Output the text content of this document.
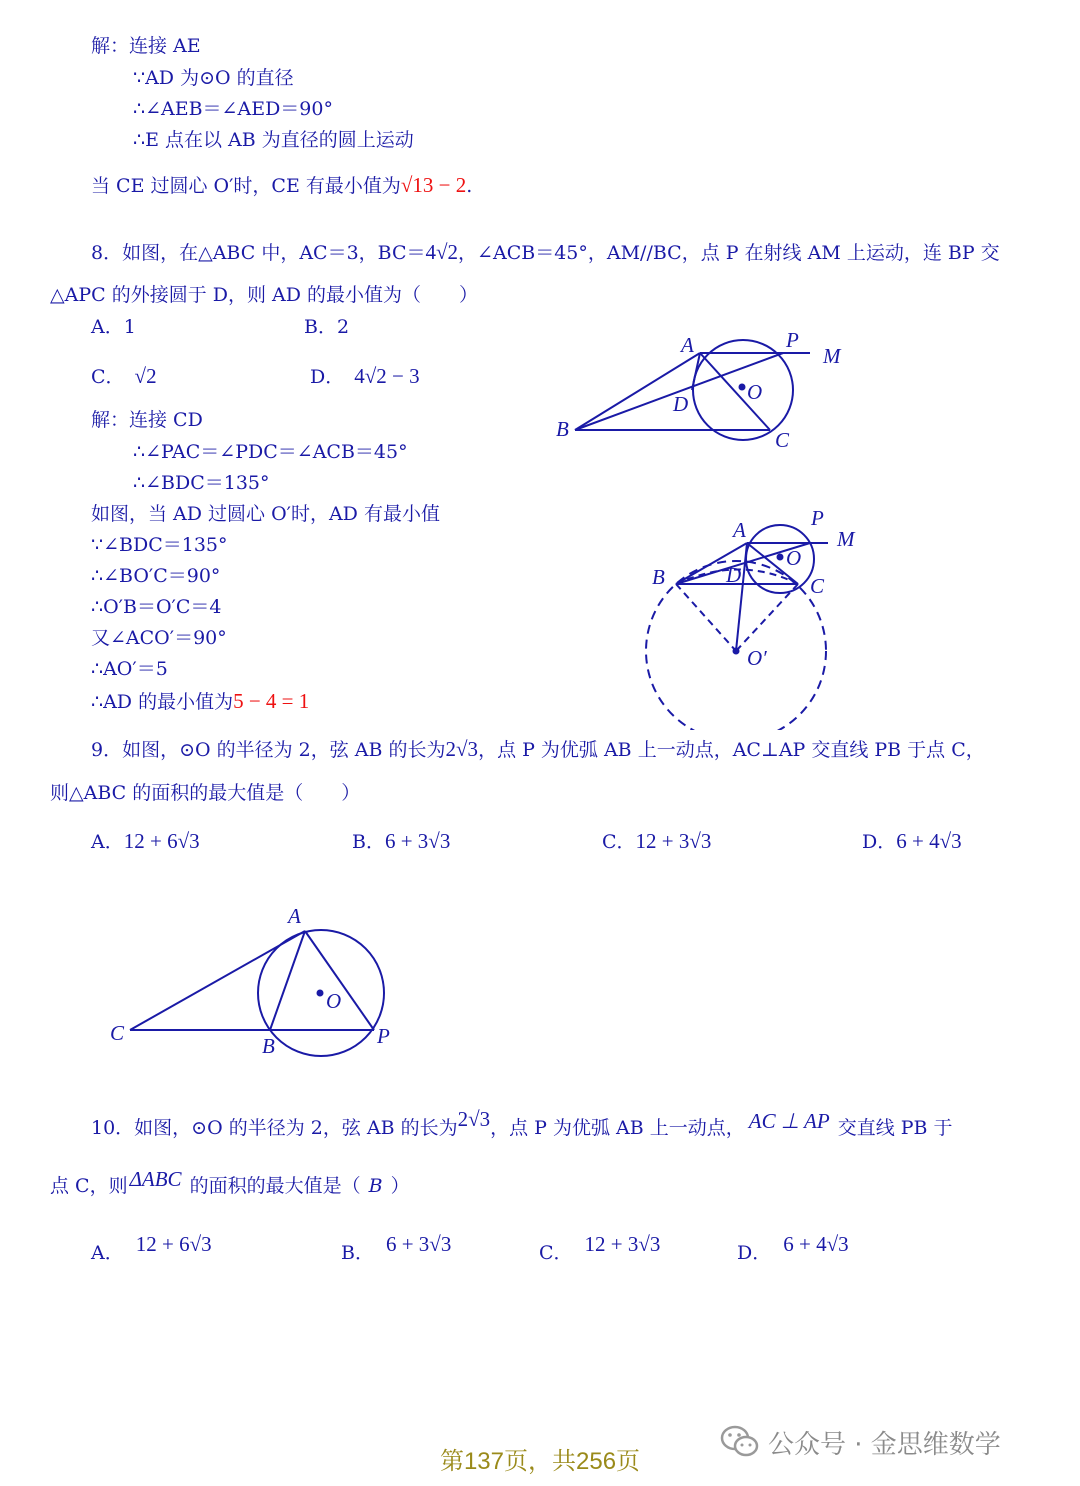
解：连接 AE
∵AD 为⊙O 的直径
∴∠AEB＝∠AED＝90°
∴E 点在以 AB 为直径的圆上运动
当 CE 过圆心 O′时，CE 有最小值为√13 − 2.
8．如图，在△ABC 中，AC＝3，BC＝4√2，∠ACB＝45°，AM//BC，点 P 在射线 AM 上运动，连 BP 交
△APC 的外接圆于 D，则 AD 的最小值为（　　）
A．1	B．2
C． √2	D． 4√2 − 3
解：连接 CD
∴∠PAC＝∠PDC＝∠ACB＝45°
∴∠BDC＝135°
如图，当 AD 过圆心 O′时，AD 有最小值
∵∠BDC＝135°
∴∠BO′C＝90°
∴O′B＝O′C＝4
又∠ACO′＝90°
∴AO′＝5
∴AD 的最小值为5 − 4 = 1
A	P
M
O
D
B	C
A	P
M
O
D
B	C
O′
9．如图，⊙O 的半径为 2，弦 AB 的长为2√3，点 P 为优弧 AB 上一动点，AC⊥AP 交直线 PB 于点 C，
则△ABC 的面积的最大值是（　　）
A．12 + 6√3	B．6 + 3√3	C．12 + 3√3	D．6 + 4√3
A
O
C
B	P
10．如图，⊙O 的半径为 2，弦 AB 的长为2√3，点 P 为优弧 AB 上一动点， AC ⊥ AP 交直线 PB 于
点 C，则ΔABC 的面积的最大值是（ B ）
A． 12 + 6√3	B． 6 + 3√3	C． 12 + 3√3	D． 6 + 4√3
第137页，共256页
公众号 · 金思维数学
